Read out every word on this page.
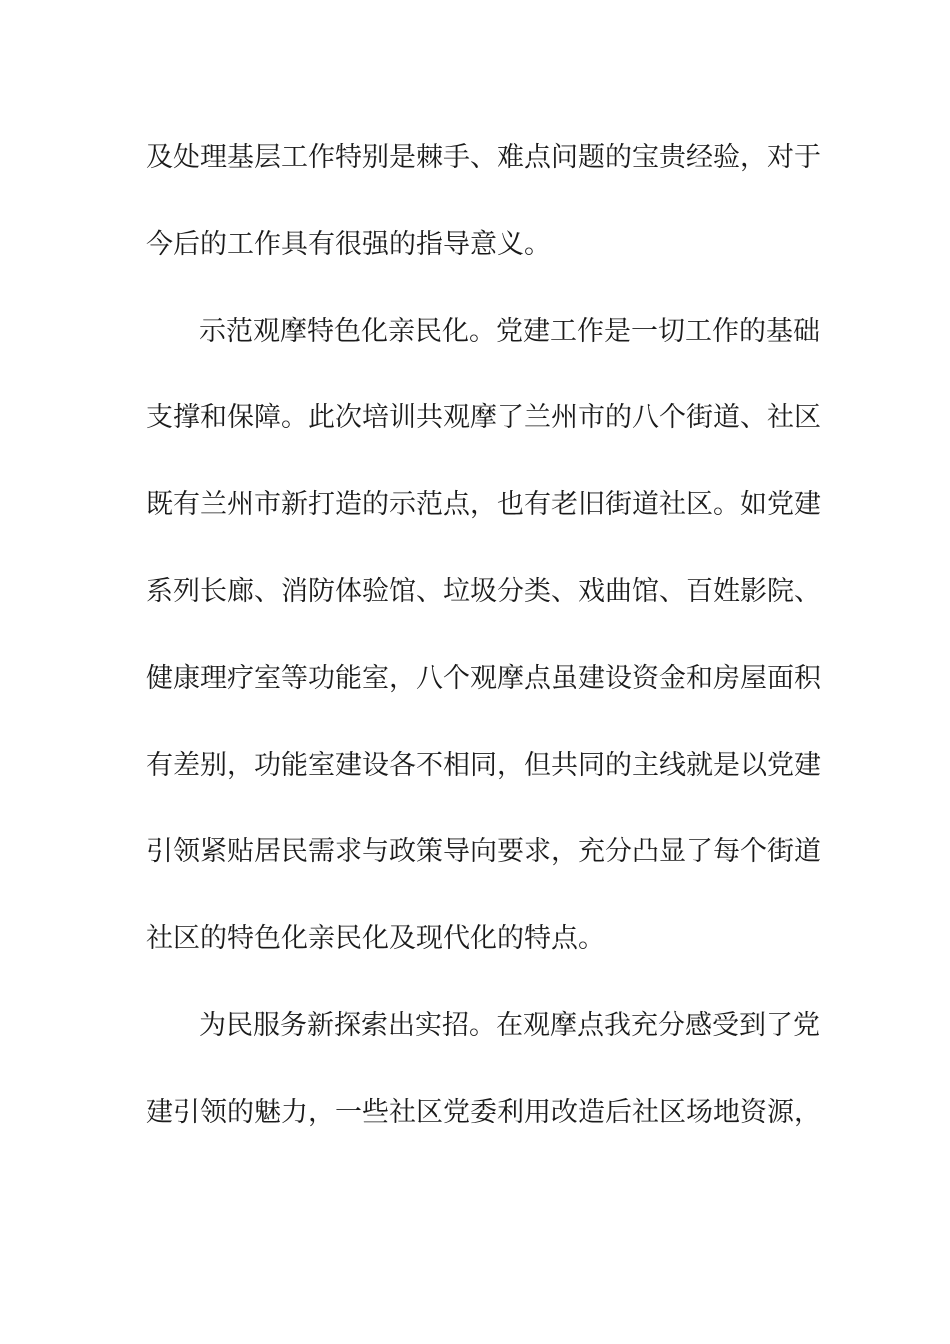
及处理基层工作特别是棘手、难点问题的宝贵经验，对于
今后的工作具有很强的指导意义。
示范观摩特色化亲民化。党建工作是一切工作的基础
支撑和保障。此次培训共观摩了兰州市的八个街道、社区
既有兰州市新打造的示范点，也有老旧街道社区。如党建
系列长廊、消防体验馆、垃圾分类、戏曲馆、百姓影院、
健康理疗室等功能室，八个观摩点虽建设资金和房屋面积
有差别，功能室建设各不相同，但共同的主线就是以党建
引领紧贴居民需求与政策导向要求，充分凸显了每个街道
社区的特色化亲民化及现代化的特点。
为民服务新探索出实招。在观摩点我充分感受到了党
建引领的魅力，一些社区党委利用改造后社区场地资源，
